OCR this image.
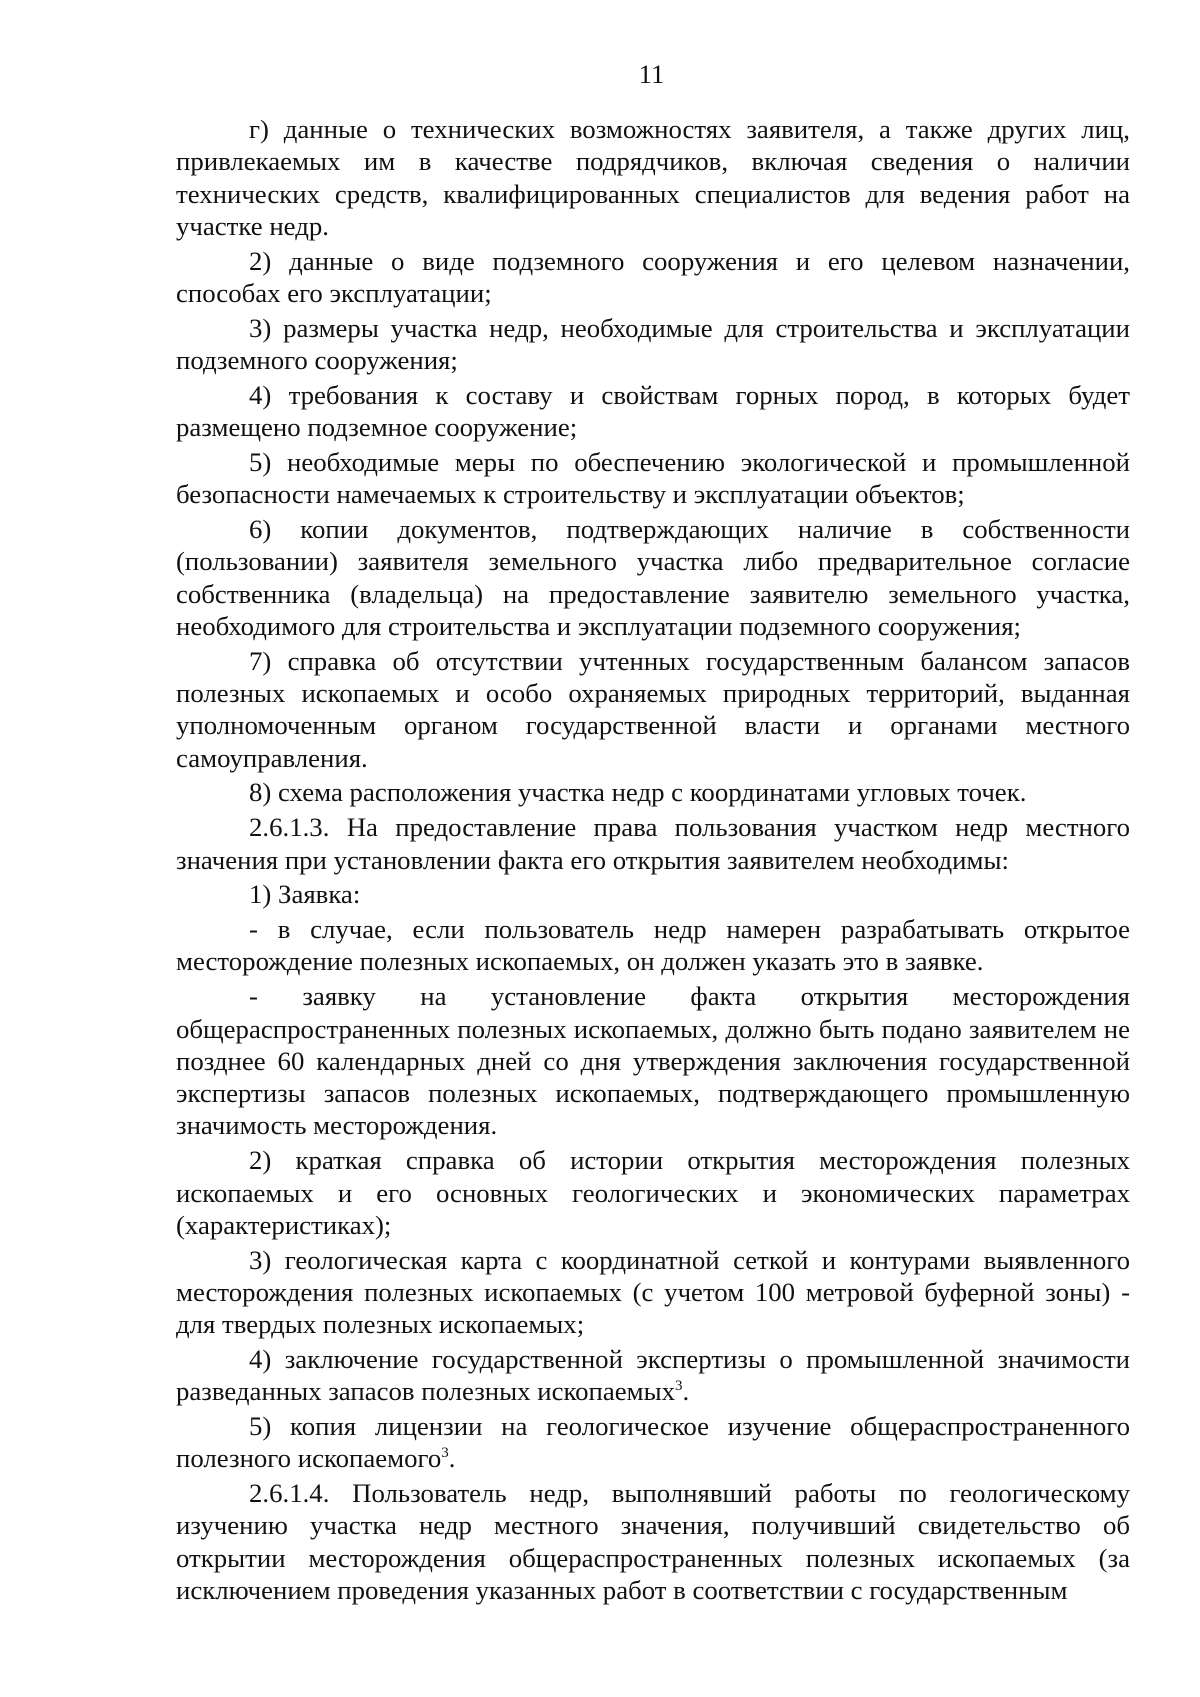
11

г) данные о технических возможностях заявителя, а также других лиц, привлекаемых им в качестве подрядчиков, включая сведения о наличии технических средств, квалифицированных специалистов для ведения работ на участке недр.

2) данные о виде подземного сооружения и его целевом назначении, способах его эксплуатации;

3) размеры участка недр, необходимые для строительства и эксплуатации подземного сооружения;

4) требования к составу и свойствам горных пород, в которых будет размещено подземное сооружение;

5) необходимые меры по обеспечению экологической и промышленной безопасности намечаемых к строительству и эксплуатации объектов;

6) копии документов, подтверждающих наличие в собственности (пользовании) заявителя земельного участка либо предварительное согласие собственника (владельца) на предоставление заявителю земельного участка, необходимого для строительства и эксплуатации подземного сооружения;

7) справка об отсутствии учтенных государственным балансом запасов полезных ископаемых и особо охраняемых природных территорий, выданная уполномоченным органом государственной власти и органами местного самоуправления.

8) схема расположения участка недр с координатами угловых точек.

2.6.1.3. На предоставление права пользования участком недр местного значения при установлении факта его открытия заявителем необходимы:

1) Заявка:

- в случае, если пользователь недр намерен разрабатывать открытое месторождение полезных ископаемых, он должен указать это в заявке.

- заявку на установление факта открытия месторождения общераспространенных полезных ископаемых, должно быть подано заявителем не позднее 60 календарных дней со дня утверждения заключения государственной экспертизы запасов полезных ископаемых, подтверждающего промышленную значимость месторождения.

2) краткая справка об истории открытия месторождения полезных ископаемых и его основных геологических и экономических параметрах (характеристиках);

3) геологическая карта с координатной сеткой и контурами выявленного месторождения полезных ископаемых (с учетом 100 метровой буферной зоны) - для твердых полезных ископаемых;

4) заключение государственной экспертизы о промышленной значимости разведанных запасов полезных ископаемых$^3$.

5) копия лицензии на геологическое изучение общераспространенного полезного ископаемого$^3$.

2.6.1.4. Пользователь недр, выполнявший работы по геологическому изучению участка недр местного значения, получивший свидетельство об открытии месторождения общераспространенных полезных ископаемых (за исключением проведения указанных работ в соответствии с государственным
